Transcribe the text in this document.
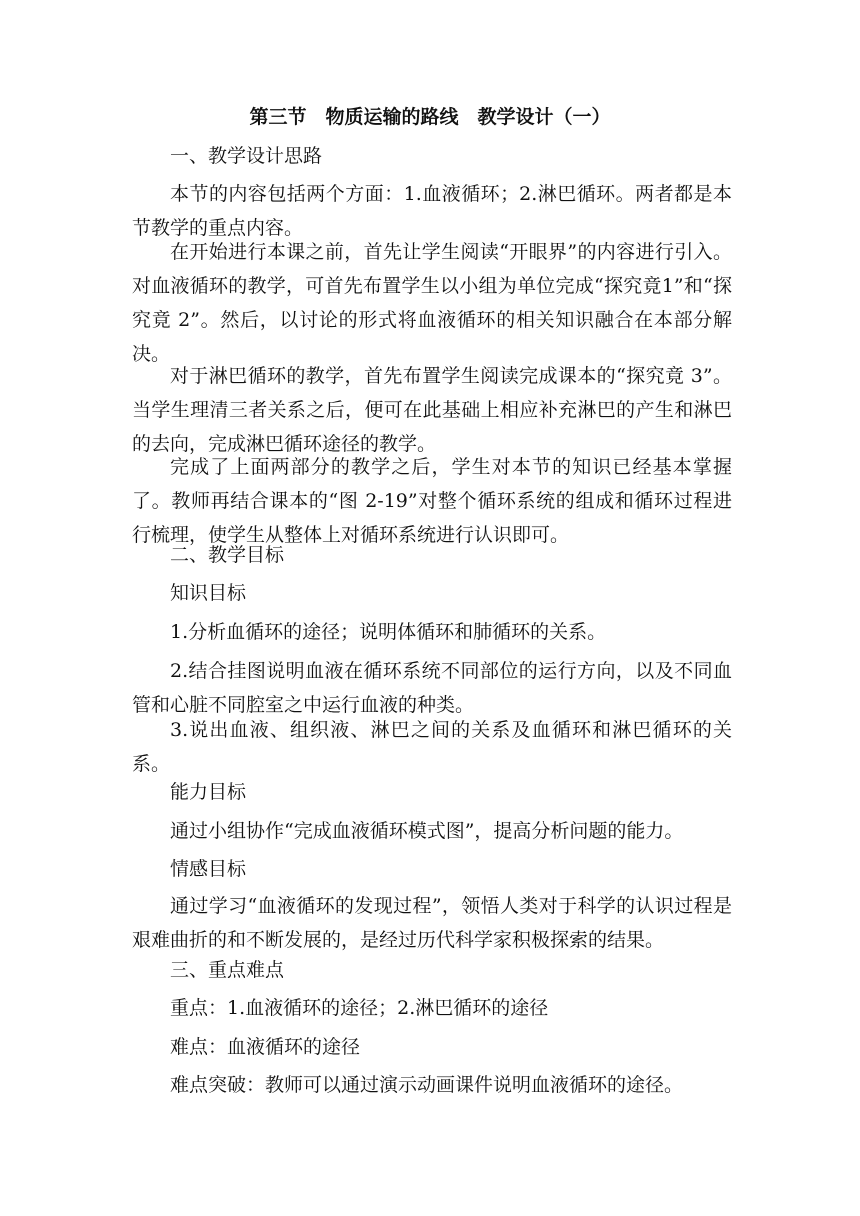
第三节　物质运输的路线　教学设计（一）

一、教学设计思路

本节的内容包括两个方面：1.血液循环；2.淋巴循环。两者都是本节教学的重点内容。

在开始进行本课之前，首先让学生阅读“开眼界”的内容进行引入。对血液循环的教学，可首先布置学生以小组为单位完成“探究竟1”和“探究竟 2”。然后，以讨论的形式将血液循环的相关知识融合在本部分解决。

对于淋巴循环的教学，首先布置学生阅读完成课本的“探究竟 3”。当学生理清三者关系之后，便可在此基础上相应补充淋巴的产生和淋巴的去向，完成淋巴循环途径的教学。

完成了上面两部分的教学之后，学生对本节的知识已经基本掌握了。教师再结合课本的“图 2-19”对整个循环系统的组成和循环过程进行梳理，使学生从整体上对循环系统进行认识即可。

二、教学目标

知识目标

1.分析血循环的途径；说明体循环和肺循环的关系。

2.结合挂图说明血液在循环系统不同部位的运行方向，以及不同血管和心脏不同腔室之中运行血液的种类。

3.说出血液、组织液、淋巴之间的关系及血循环和淋巴循环的关系。

能力目标

通过小组协作“完成血液循环模式图”，提高分析问题的能力。

情感目标

通过学习“血液循环的发现过程”，领悟人类对于科学的认识过程是艰难曲折的和不断发展的，是经过历代科学家积极探索的结果。

三、重点难点

重点：1.血液循环的途径；2.淋巴循环的途径

难点：血液循环的途径

难点突破：教师可以通过演示动画课件说明血液循环的途径。
